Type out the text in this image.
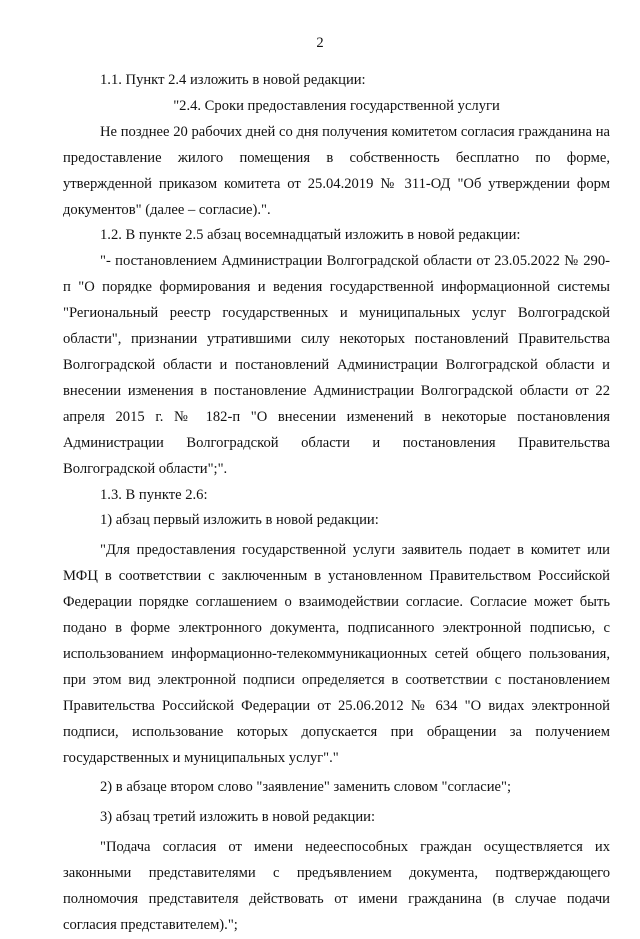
2

1.1. Пункт 2.4 изложить в новой редакции:

"2.4. Сроки предоставления государственной услуги

Не позднее 20 рабочих дней со дня получения комитетом согласия гражданина на предоставление жилого помещения в собственность бесплатно по форме, утвержденной приказом комитета от 25.04.2019 № 311-ОД "Об утверждении форм документов" (далее – согласие).".

1.2. В пункте 2.5 абзац восемнадцатый изложить в новой редакции:

"- постановлением Администрации Волгоградской области от 23.05.2022 № 290-п "О порядке формирования и ведения государственной информационной системы "Региональный реестр государственных и муниципальных услуг Волгоградской области", признании утратившими силу некоторых постановлений Правительства Волгоградской области и постановлений Администрации Волгоградской области и внесении изменения в постановление Администрации Волгоградской области от 22 апреля 2015 г. № 182-п "О внесении изменений в некоторые постановления Администрации Волгоградской области и постановления Правительства Волгоградской области";".

1.3. В пункте 2.6:

1) абзац первый изложить в новой редакции:

"Для предоставления государственной услуги заявитель подает в комитет или МФЦ в соответствии с заключенным в установленном Правительством Российской Федерации порядке соглашением о взаимодействии согласие. Согласие может быть подано в форме электронного документа, подписанного электронной подписью, с использованием информационно-телекоммуникационных сетей общего пользования, при этом вид электронной подписи определяется в соответствии с постановлением Правительства Российской Федерации от 25.06.2012 № 634 "О видах электронной подписи, использование которых допускается при обращении за получением государственных и муниципальных услуг"."

2) в абзаце втором слово "заявление" заменить словом "согласие";

3) абзац третий изложить в новой редакции:

"Подача согласия от имени недееспособных граждан осуществляется их законными представителями с предъявлением документа, подтверждающего полномочия представителя действовать от имени гражданина (в случае подачи согласия представителем).";
